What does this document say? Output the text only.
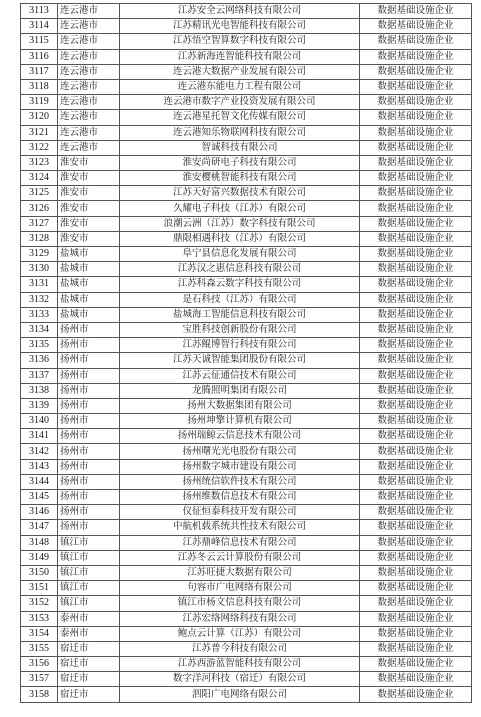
3113	连云港市	江苏安全云网络科技有限公司	数据基础设施企业
3114	连云港市	江苏精讯光电智能科技有限公司	数据基础设施企业
3115	连云港市	江苏悟空智算数字科技有限公司	数据基础设施企业
3116	连云港市	江苏新海连智能科技有限公司	数据基础设施企业
3117	连云港市	连云港大数据产业发展有限公司	数据基础设施企业
3118	连云港市	连云港东能电力工程有限公司	数据基础设施企业
3119	连云港市	连云港市数字产业投资发展有限公司	数据基础设施企业
3120	连云港市	连云港星托智文化传媒有限公司	数据基础设施企业
3121	连云港市	连云港知乐物联网科技有限公司	数据基础设施企业
3122	连云港市	智诚科技有限公司	数据基础设施企业
3123	淮安市	淮安尚研电子科技有限公司	数据基础设施企业
3124	淮安市	淮安樱桃智能科技有限公司	数据基础设施企业
3125	淮安市	江苏天好富兴数据技术有限公司	数据基础设施企业
3126	淮安市	久耀电子科技（江苏）有限公司	数据基础设施企业
3127	淮安市	浪潮云洲（江苏）数字科技有限公司	数据基础设施企业
3128	淮安市	鼎限相遇科技（江苏）有限公司	数据基础设施企业
3129	盐城市	阜宁县信息化发展有限公司	数据基础设施企业
3130	盐城市	江苏汉之惠信息科技有限公司	数据基础设施企业
3131	盐城市	江苏科森云数字科技有限公司	数据基础设施企业
3132	盐城市	是石科技（江苏）有限公司	数据基础设施企业
3133	盐城市	盐城海工智能信息科技有限公司	数据基础设施企业
3134	扬州市	宝胜科技创新股份有限公司	数据基础设施企业
3135	扬州市	江苏鲲博智行科技有限公司	数据基础设施企业
3136	扬州市	江苏天诚智能集团股份有限公司	数据基础设施企业
3137	扬州市	江苏云征通信技术有限公司	数据基础设施企业
3138	扬州市	龙腾照明集团有限公司	数据基础设施企业
3139	扬州市	扬州大数据集团有限公司	数据基础设施企业
3140	扬州市	扬州坤擎计算机有限公司	数据基础设施企业
3141	扬州市	扬州瑞鲸云信息技术有限公司	数据基础设施企业
3142	扬州市	扬州曙光光电股份有限公司	数据基础设施企业
3143	扬州市	扬州数字城市建设有限公司	数据基础设施企业
3144	扬州市	扬州统信软件技术有限公司	数据基础设施企业
3145	扬州市	扬州维数信息技术有限公司	数据基础设施企业
3146	扬州市	仪征恒泰科技开发有限公司	数据基础设施企业
3147	扬州市	中航机载系统共性技术有限公司	数据基础设施企业
3148	镇江市	江苏鼎峰信息技术有限公司	数据基础设施企业
3149	镇江市	江苏冬云云计算股份有限公司	数据基础设施企业
3150	镇江市	江苏旺捷大数据有限公司	数据基础设施企业
3151	镇江市	句容市广电网络有限公司	数据基础设施企业
3152	镇江市	镇江市杨文信息科技有限公司	数据基础设施企业
3153	泰州市	江苏宏络网络科技有限公司	数据基础设施企业
3154	泰州市	鲍点云计算（江苏）有限公司	数据基础设施企业
3155	宿迁市	江苏普今科技有限公司	数据基础设施企业
3156	宿迁市	江苏西游蓝智能科技有限公司	数据基础设施企业
3157	宿迁市	数字洋河科技（宿迁）有限公司	数据基础设施企业
3158	宿迁市	泗阳广电网络有限公司	数据基础设施企业
